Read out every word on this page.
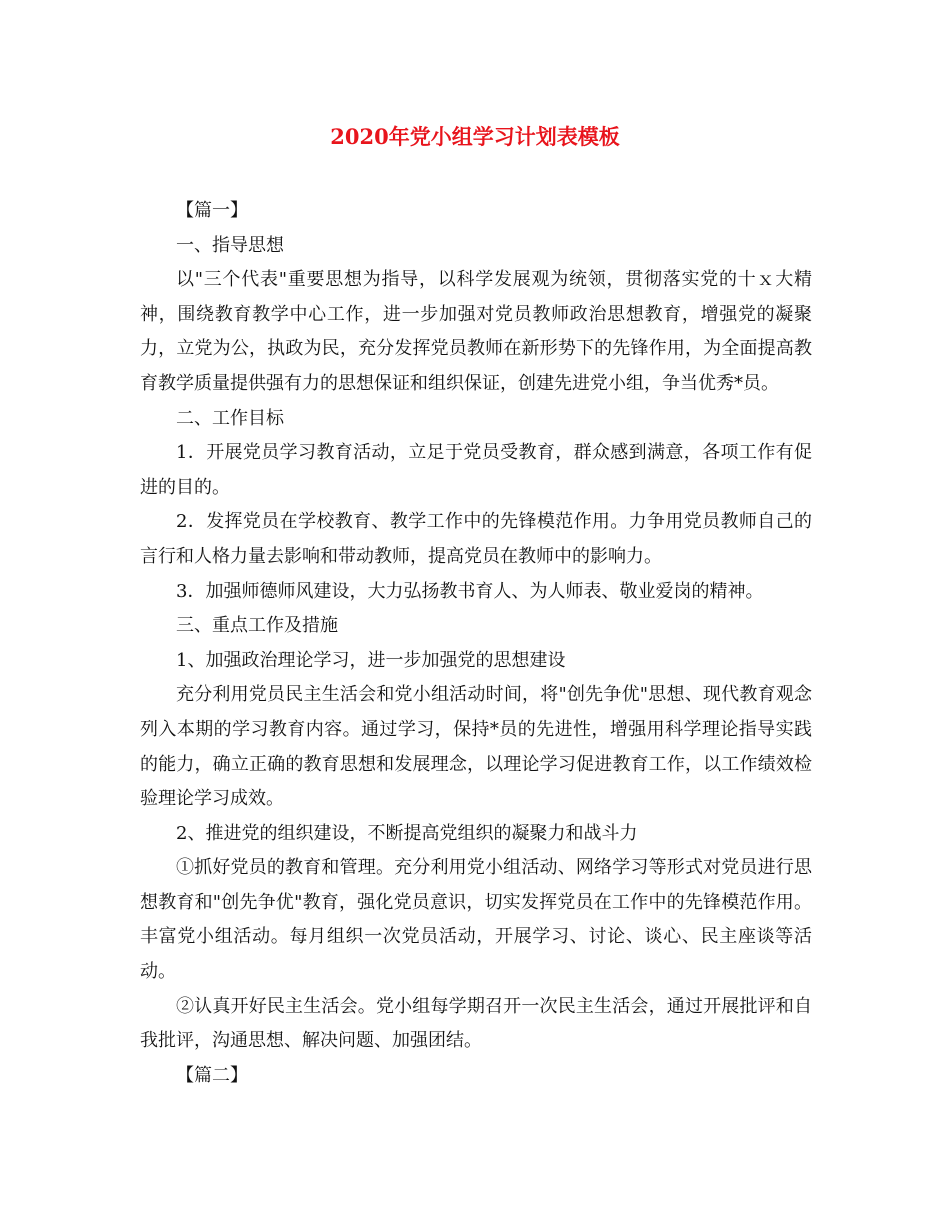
2020年党小组学习计划表模板

【篇一】

一、指导思想

以"三个代表"重要思想为指导，以科学发展观为统领，贯彻落实党的十ｘ大精神，围绕教育教学中心工作，进一步加强对党员教师政治思想教育，增强党的凝聚力，立党为公，执政为民，充分发挥党员教师在新形势下的先锋作用，为全面提高教育教学质量提供强有力的思想保证和组织保证，创建先进党小组，争当优秀*员。

二、工作目标

1．开展党员学习教育活动，立足于党员受教育，群众感到满意，各项工作有促进的目的。

2．发挥党员在学校教育、教学工作中的先锋模范作用。力争用党员教师自己的言行和人格力量去影响和带动教师，提高党员在教师中的影响力。

3．加强师德师风建设，大力弘扬教书育人、为人师表、敬业爱岗的精神。

三、重点工作及措施

1、加强政治理论学习，进一步加强党的思想建设

充分利用党员民主生活会和党小组活动时间，将"创先争优"思想、现代教育观念列入本期的学习教育内容。通过学习，保持*员的先进性，增强用科学理论指导实践的能力，确立正确的教育思想和发展理念，以理论学习促进教育工作，以工作绩效检验理论学习成效。

2、推进党的组织建设，不断提高党组织的凝聚力和战斗力

①抓好党员的教育和管理。充分利用党小组活动、网络学习等形式对党员进行思想教育和"创先争优"教育，强化党员意识，切实发挥党员在工作中的先锋模范作用。丰富党小组活动。每月组织一次党员活动，开展学习、讨论、谈心、民主座谈等活动。

②认真开好民主生活会。党小组每学期召开一次民主生活会，通过开展批评和自我批评，沟通思想、解决问题、加强团结。

【篇二】
